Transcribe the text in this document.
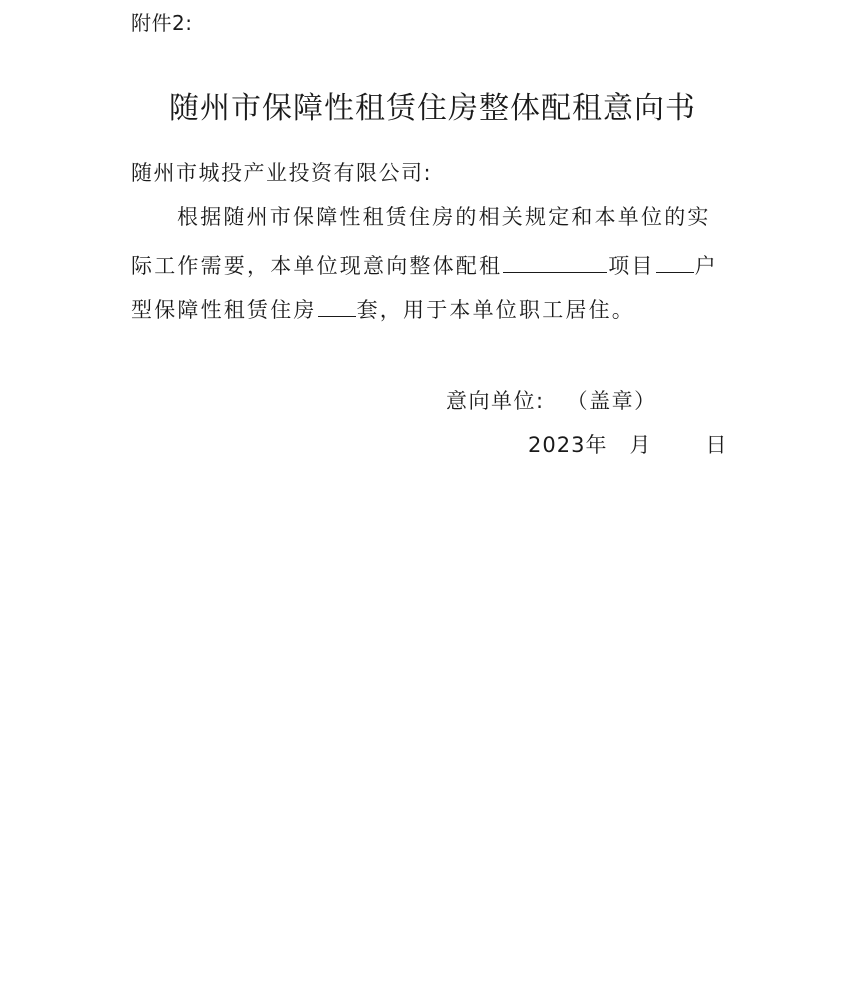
附件2:
随州市保障性租赁住房整体配租意向书
随州市城投产业投资有限公司:
根据随州市保障性租赁住房的相关规定和本单位的实
际工作需要，本单位现意向整体配租	项目 户
型保障性租赁住房 套，用于本单位职工居住。
意向单位: （盖章）
2023年 月	日
